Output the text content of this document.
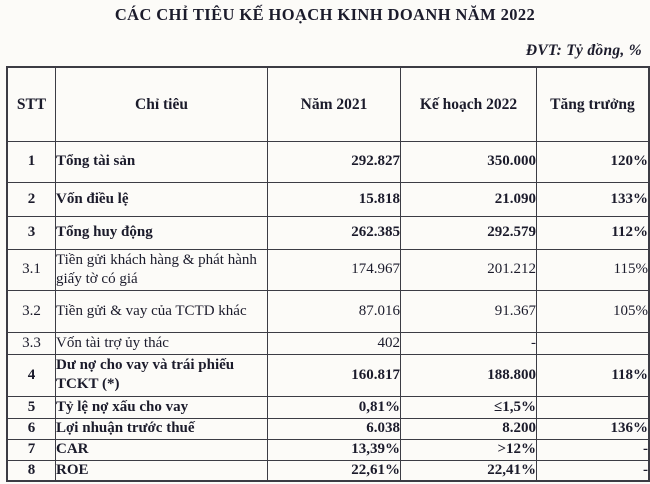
CÁC CHỈ TIÊU KẾ HOẠCH KINH DOANH NĂM 2022
ĐVT: Tỷ đồng, %
STT	Chỉ tiêu	Năm 2021	Kế hoạch 2022	Tăng trưởng
1	Tổng tài sản	292.827	350.000	120%
2	Vốn điều lệ	15.818	21.090	133%
3	Tổng huy động	262.385	292.579	112%
3.1	Tiền gửi khách hàng & phát hành giấy tờ có giá	174.967	201.212	115%
3.2	Tiền gửi & vay của TCTD khác	87.016	91.367	105%
3.3	Vốn tài trợ ủy thác	402	-	
4	Dư nợ cho vay và trái phiếu TCKT (*)	160.817	188.800	118%
5	Tỷ lệ nợ xấu cho vay	0,81%	≤1,5%	
6	Lợi nhuận trước thuế	6.038	8.200	136%
7	CAR	13,39%	>12%	-
8	ROE	22,61%	22,41%	-
